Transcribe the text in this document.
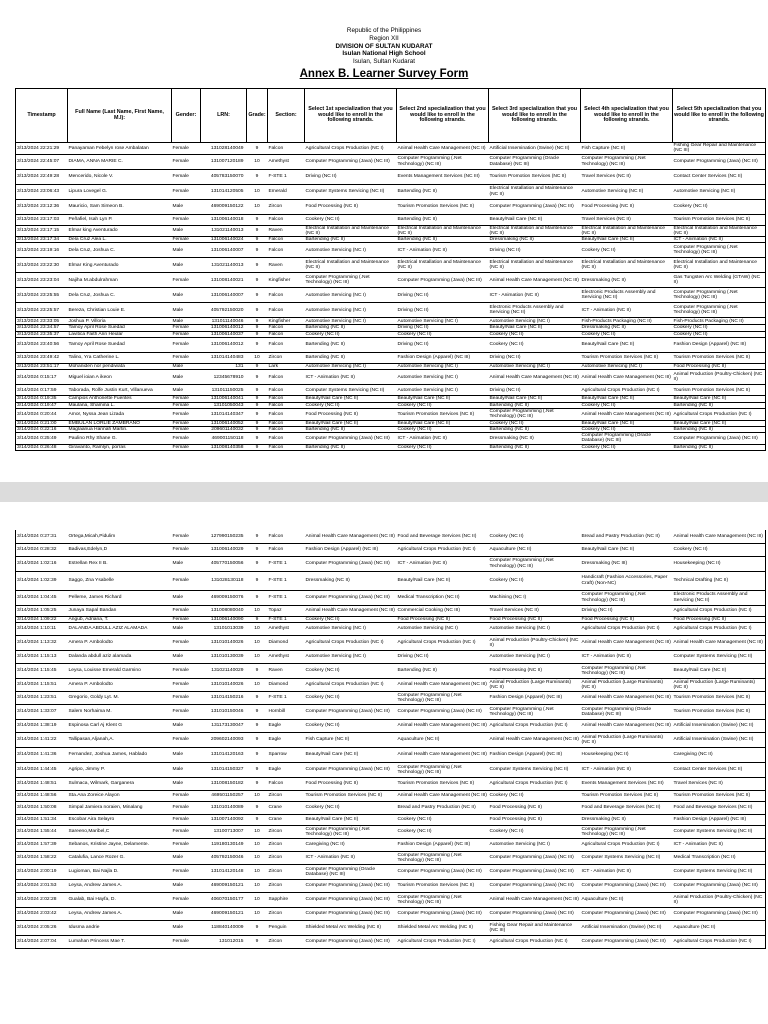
Republic of the Philippines
Region XII
DIVISION OF SULTAN KUDARAT
Isulan National High School
Isulan, Sultan Kudarat
Annex B. Learner Survey Form
Timestamp	Full Name (Last Name, First Name, M.I):	Gender:	LRN:	Grade:	Section:	Select 1st specialization that you would like to enroll in the following strands.	Select 2nd specialization that you would like to enroll in the following strands.	Select 3rd specialization that you would like to enroll in the following strands.	Select 4th specialization that you would like to enroll in the following strands.	Select 5th specialization that you would like to enroll in the following strands.
3/13/2024 22:21:29	Panayaman Febelyn rose Ambalatan	Female	131028140049	9	Falcon	Agricultural Crops Production (NC I)	Animal Health Care Management (NC II)	Artificial Insemination (Swine) (NC II)	Fish Capture (NC II)	Fishing Gear Repair and Maintenance (NC III)
3/13/2024 22:45:07	DIAMA, ANNA MARIE C.	Female	131007120189	10	Amethyst	Computer Programming (Java) (NC III)	Computer Programming (.Net Technology) (NC III)	Computer Programming (Oracle Database) (NC III)	Computer Programming (.Net Technology) (NC III)	Computer Programming (Java) (NC III)
3/13/2024 22:49:28	Mencerido, Nicole V.	Female	405783150070	9	F-STE 1	Driving (NC II)	Events Management Services (NC III)	Tourism Promotion Services (NC II)	Travel Services (NC II)	Contact Center Services (NC II)
3/13/2024 23:06:43	Lipura Lovegel G.	Female	131014120505	10	Emerald	Computer Systems Servicing (NC II)	Bartending (NC II)	Electrical Installation and Maintenance (NC II)	Automotive Servicing (NC II)	Automotive Servicing (NC II)
3/13/2024 23:12:36	Mauricio, Sam Simeon B.	Male	469009150122	10	Zircon	Food Processing (NC II)	Tourism Promotion Services (NC II)	Computer Programming (Java) (NC III)	Food Processing (NC II)	Cookery (NC II)
3/13/2024 23:17:03	Peñafiel, Isah Lyn P.	Female	131006140018	9	Falcon	Cookery (NC II)	Bartending (NC II)	Beauty/Nail Care (NC II)	Travel Services (NC II)	Tourism Promotion Services (NC II)
3/13/2024 23:17:15	Elmar king Aventurado	Male	131021140013	9	Raven	Electrical Installation and Maintenance (NC II)	Electrical Installation and Maintenance (NC II)	Electrical Installation and Maintenance (NC II)	Electrical Installation and Maintenance (NC II)	Electrical Installation and Maintenance (NC II)
3/13/2024 23:17:34	Dela Cruz Alea L.	Female	131006140024	9	Falcon	Bartending (NC II)	Bartending (NC II)	Dressmaking (NC II)	Beauty/Nail Care (NC II)	ICT - Animation (NC II)
3/13/2024 23:19:16	Dela Cruz, Joshua C.	Male	131006140007	9	Falcon	Automotive Servicing (NC I)	ICT - Animation (NC II)	Driving (NC II)	Cookery (NC II)	Computer Programming (.Net Technology) (NC III)
3/13/2024 23:22:30	Elmar King Aventurado	Male	131021140013	9	Raven	Electrical Installation and Maintenance (NC II)	Electrical Installation and Maintenance (NC II)	Electrical Installation and Maintenance (NC II)	Electrical Installation and Maintenance (NC II)	Electrical Installation and Maintenance (NC II)
3/13/2024 23:23:04	Najiha M.abdulrahman	Female	131008140021	9	Kingfisher	Computer Programming (.Net Technology) (NC III)	Computer Programming (Java) (NC III)	Animal Health Care Management (NC III)	Dressmaking (NC II)	Gas Tungsten Arc Welding (GTAW) (NC II)
3/13/2024 23:25:55	Dela Cruz, Joshua C.	Male	131006140007	9	Falcon	Automotive Servicing (NC I)	Driving (NC II)	ICT - Animation (NC II)	Electronic Products Assembly and Servicing (NC II)	Computer Programming (.Net Technology) (NC III)
3/13/2024 23:25:57	Bereza, Christian Louie E.	Male	405792150020	9	Falcon	Automotive Servicing (NC I)	Driving (NC II)	Electronic Products Assembly and Servicing (NC II)	ICT - Animation (NC II)	Computer Programming (.Net Technology) (NC III)
3/13/2024 23:33:05	Joshua P. Villoria	Male	131011140046	9	Kingfisher	Automotive Servicing (NC I)	Automotive Servicing (NC I)	Automotive Servicing (NC I)	Fish-Products Packaging (NC II)	Fish-Products Packaging (NC II)
3/13/2024 23:34:57	Tamoy April Rose Suedad	Female	131006140012	9	Falcon	Bartending (NC II)	Driving (NC II)	Beauty/Nail Care (NC II)	Dressmaking (NC II)	Cookery (NC II)
3/13/2024 23:35:37	Lavitica Faith Ann Heular	Female	131006140037	9	Falcon	Cookery (NC II)	Cookery (NC II)	Cookery (NC II)	Cookery (NC II)	Cookery (NC II)
3/13/2024 23:40:56	Tamoy April Rose Suedad	Female	131006140012	9	Falcon	Bartending (NC II)	Driving (NC II)	Cookery (NC II)	Beauty/Nail Care (NC II)	Fashion Design (Apparel) (NC III)
3/13/2024 23:49:42	Talino, Yra Catherine L.	Female	131014140483	10	Zircon	Bartending (NC II)	Fashion Design (Apparel) (NC III)	Driving (NC II)	Tourism Promotion Services (NC II)	Tourism Promotion Services (NC II)
3/13/2024 23:51:17	Mohaniden nor pendiwata	Male	131	9	Lark	Automotive Servicing (NC I)	Automotive Servicing (NC I)	Automotive Servicing (NC I)	Automotive Servicing (NC I)	Food Processing (NC II)
3/14/2024 0:15:17	Miguel ioian A ikeon	Male	12345678910	9	Falcon	ICT - Animation (NC II)	Automotive Servicing (NC I)	Animal Health Care Management (NC III)	Animal Health Care Management (NC III)	Animal Production (Poultry-Chicken) (NC II)
3/14/2024 0:17:59	Taborada, Rolfe Justin Kurt, Villanueva	Male	131011150025	9	Falcon	Computer Systems Servicing (NC II)	Automotive Servicing (NC I)	Driving (NC II)	Agricultural Crops Production (NC I)	Tourism Promotion Services (NC II)
3/14/2024 0:19:35	Campios Anthonette Fuentes	Female	131006140041	9	Falcon	Beauty/Nail Care (NC II)	Beauty/Nail Care (NC II)	Beauty/Nail Care (NC II)	Beauty/Nail Care (NC II)	Beauty/Nail Care (NC II)
3/14/2024 0:19:47	Maulana, Shamina L.	Female	13101050043	9	Falcon	Cookery (NC II)	Cookery (NC II)	Bartending (NC II)	Cookery (NC II)	Bartending (NC II)
3/14/2024 0:20:44	Amor, Nyssa Jean Lizada	Female	131014140347	9	Falcon	Food Processing (NC II)	Tourism Promotion Services (NC II)	Computer Programming (.Net Technology) (NC III)	Animal Health Care Management (NC III)	Agricultural Crops Production (NC I)
3/14/2024 0:21:00	EMBULAN LORLIE ZAMBRANO	Female	131006140052	9	Falcon	Beauty/Nail Care (NC II)	Beauty/Nail Care (NC II)	Cookery (NC II)	Beauty/Nail Care (NC II)	Beauty/Nail Care (NC II)
3/14/2024 0:22:16	Maglaanua Hannah Martin.	Female	209601140032	9	Falcon	Bartending (NC II)	Cookery (NC II)	Bartending (NC II)	Cookery (NC II)	Bartending (NC II)
3/14/2024 0:25:49	Paulino Rhy Shane G.	Female	469001150118	9	Falcon	Computer Programming (Java) (NC III)	ICT - Animation (NC II)	Dressmaking (NC II)	Computer Programming (Oracle Database) (NC III)	Computer Programming (Java) (NC III)
3/14/2024 0:26:48	Giravanto, Ramlyn, porras	Female	131008140358	9	Falcon	Bartending (NC II)	Cookery (NC II)	Bartending (NC II)	Cookery (NC II)	Bartending (NC II)
3/14/2024 0:27:31	Ortega,Micah,Pidulim	Female	127990150235	9	Falcon	Animal Health Care Management (NC III)	Food and Beverage Services (NC II)	Cookery (NC II)	Bread and Pastry Production (NC II)	Animal Health Care Management (NC III)
3/14/2024 0:28:32	Badivas,Edelyn,D	Female	131006140029	9	Falcon	Fashion Design (Apparel) (NC III)	Agricultural Crops Production (NC I)	Aquaculture (NC II)	Beauty/Nail Care (NC II)	Cookery (NC II)
3/14/2024 1:02:16	Estrellan Rex II B.	Male	405770150056	9	F-STE 1	Computer Programming (Java) (NC III)	ICT - Animation (NC II)	Computer Programming (.Net Technology) (NC III)	Dressmaking (NC III)	Housekeeping (NC II)
3/14/2024 1:02:39	Saggo, Zna Ysabelle	Female	131028130118	9	F-STE 1	Dressmaking (NC II)	Beauty/Nail Care (NC II)	Cookery (NC II)	Handicraft (Fashion Accessories, Paper Craft) (Non-NC)	Technical Drafting (NC II)
3/14/2024 1:04:45	Pelleme, James Richard	Male	469009150076	9	F-STE 1	Computer Programming (Java) (NC III)	Medical Transcription (NC II)	Machining (NC I)	Computer Programming (.Net Technology) (NC III)	Electronic Products Assembly and Servicing (NC II)
3/14/2024 1:05:25	Junaya Sapal Bandan	Female	131008080040	10	Topaz	Animal Health Care Management (NC III)	Commercial Cooking (NC III)	Travel Services (NC II)	Driving (NC II)	Agricultural Crops Production (NC I)
3/14/2024 1:09:22	Angub, Adriana, T.	Female	131006140090	9	F-STE 1	Cookery (NC II)	Food Processing (NC II)	Food Processing (NC II)	Food Processing (NC II)	Food Processing (NC II)
3/14/2024 1:10:11	DALANDA ABDULL AZIZ ALAMADA	Male	13101013039	10	Amethyst	Automotive Servicing (NC I)	Automotive Servicing (NC I)	Automotive Servicing (NC I)	Agricultural Crops Production (NC I)	Agricultural Crops Production (NC I)
3/14/2024 1:13:32	Amera P. Ambolodto	Female	131010140026	10	Diamond	Agricultural Crops Production (NC I)	Agricultural Crops Production (NC I)	Animal Production (Poultry-Chicken) (NC II)	Animal Health Care Management (NC III)	Animal Health Care Management (NC III)
3/14/2024 1:15:13	Dalanda abdull aziz alamada	Male	131010130039	10	Amethyst	Automotive Servicing (NC I)	Driving (NC II)	Automotive Servicing (NC I)	ICT - Animation (NC II)	Computer Systems Servicing (NC II)
3/14/2024 1:15:45	Leysa, Louisse Emerald Garmino	Female	131021140029	9	Raven	Cookery (NC II)	Bartending (NC II)	Food Processing (NC II)	Computer Programming (.Net Technology) (NC III)	Beauty/Nail Care (NC II)
3/14/2024 1:15:51	Amera P. Ambolodto	Female	131010140026	10	Diamond	Agricultural Crops Production (NC I)	Animal Health Care Management (NC III)	Animal Production (Large Ruminants) (NC II)	Animal Production (Large Ruminants) (NC II)	Animal Production (Large Ruminants) (NC II)
3/14/2024 1:23:51	Gregorio, Goldy Lyt. M.	Female	131014150216	9	F-STE 1	Cookery (NC II)	Computer Programming (.Net Technology) (NC III)	Fashion Design (Apparel) (NC III)	Animal Health Care Management (NC III)	Tourism Promotion Services (NC II)
3/14/2024 1:33:07	Salem Norhaima M.	Female	131010150046	9	Hornbill	Computer Programming (Java) (NC III)	Computer Programming (Java) (NC III)	Computer Programming (.Net Technology) (NC III)	Computer Programming (Oracle Database) (NC III)	Tourism Promotion Services (NC II)
3/14/2024 1:38:19	Espinosa Carl Aj Klent G	Male	131173130047	9	Eagle	Cookery (NC II)	Animal Health Care Management (NC III)	Agricultural Crops Production (NC I)	Animal Health Care Management (NC III)	Artificial Insemination (Swine) (NC II)
3/14/2024 1:41:22	Tallipasan,Aljanah,A.	Female	209602140093	9	Eagle	Fish Capture (NC II)	Aquaculture (NC II)	Animal Health Care Management (NC III)	Animal Production (Large Ruminants) (NC II)	Artificial Insemination (Swine) (NC II)
3/14/2024 1:41:36	Fernandez, Joshua James, Hablado	Male	131014120163	9	Sparrow	Beauty/Nail Care (NC II)	Animal Health Care Management (NC III)	Fashion Design (Apparel) (NC III)	Housekeeping (NC II)	Caregiving (NC II)
3/14/2024 1:44:45	Agripo, Jimmy P.	Male	131014150327	9	Eagle	Computer Programming (Java) (NC III)	Computer Programming (.Net Technology) (NC III)	Computer Systems Servicing (NC II)	ICT - Animation (NC II)	Contact Center Services (NC II)
3/14/2024 1:48:51	Sulmaca, Wilmark, Garganera	Male	131008150182	9	Falcon	Food Processing (NC II)	Tourism Promotion Services (NC II)	Agricultural Crops Production (NC I)	Events Management Services (NC III)	Travel Services (NC II)
3/14/2024 1:48:56	Sta.Ana Zoreice Alayon	Female	469501150257	10	Zircon	Tourism Promotion Services (NC II)	Animal Health Care Management (NC III)	Cookery (NC II)	Tourism Promotion Services (NC II)	Tourism Promotion Services (NC II)
3/14/2024 1:50:08	Simpal Jamiera noraien, Minalang	Female	131010140089	9	Crane	Cookery (NC II)	Bread and Pastry Production (NC II)	Food Processing (NC II)	Food and Beverage Services (NC II)	Food and Beverage Services (NC II)
3/14/2024 1:51:34	Escobar Aira Selayro	Female	131007140092	9	Crane	Beauty/Nail Care (NC II)	Cookery (NC II)	Food Processing (NC II)	Dressmaking (NC II)	Fashion Design (Apparel) (NC III)
3/14/2024 1:55:44	Sareeno,Maribel,C	Female	13100713007	10	Zircon	Computer Programming (.Net Technology) (NC III)	Cookery (NC II)	Cookery (NC II)	Computer Programming (.Net Technology) (NC III)	Computer Systems Servicing (NC II)
3/14/2024 1:57:39	Sebanos, Kristine Jayne, Delamente.	Female	119180130149	10	Zircon	Caregiving (NC II)	Fashion Design (Apparel) (NC III)	Automotive Servicing (NC I)	Agricultural Crops Production (NC I)	ICT - Animation (NC II)
3/14/2024 1:58:22	Catalufia, Lance Rozer G.	Male	405792150046	10	Zircon	ICT - Animation (NC II)	Computer Programming (.Net Technology) (NC III)	Computer Programming (Java) (NC III)	Computer Systems Servicing (NC II)	Medical Transcription (NC II)
3/14/2024 2:00:19	Lugioman, Bai Najla D.	Female	131014120148	10	Zircon	Computer Programming (Oracle Database) (NC III)	Computer Programming (Java) (NC III)	Computer Programming (Java) (NC III)	ICT - Animation (NC II)	Computer Systems Servicing (NC II)
3/14/2024 2:01:53	Leysa, Andrew James A.	Male	469009150121	10	Zircon	Computer Programming (Java) (NC III)	Tourism Promotion Services (NC II)	Computer Programming (Java) (NC III)	Computer Programming (Java) (NC III)	Computer Programming (Java) (NC III)
3/14/2024 2:02:28	Gualab, Bai Hayfa, D.	Female	406070150177	10	Sapphire	Computer Programming (Java) (NC III)	Computer Programming (.Net Technology) (NC III)	Animal Health Care Management (NC III)	Aquaculture (NC II)	Animal Production (Poultry-Chicken) (NC II)
3/14/2024 2:03:42	Leysa, Andrew James A.	Male	469009150121	10	Zircon	Computer Programming (Java) (NC III)	Computer Programming (Java) (NC III)	Computer Programming (Java) (NC III)	Computer Programming (Java) (NC III)	Computer Programming (Java) (NC III)
3/14/2024 2:05:26	Idusma andrie	Male	118840140009	9	Penguin	Shielded Metal Arc Welding (NC II)	Shielded Metal Arc Welding (NC II)	Fishing Gear Repair and Maintenance (NC III)	Artificial Insemination (Swine) (NC II)	Aquaculture (NC II)
3/14/2024 2:07:04	Lumahan Princess Mae T.	Female	131012015	9	Zircon	Computer Programming (Java) (NC III)	Agricultural Crops Production (NC I)	Agricultural Crops Production (NC I)	Computer Programming (Java) (NC III)	Agricultural Crops Production (NC I)
